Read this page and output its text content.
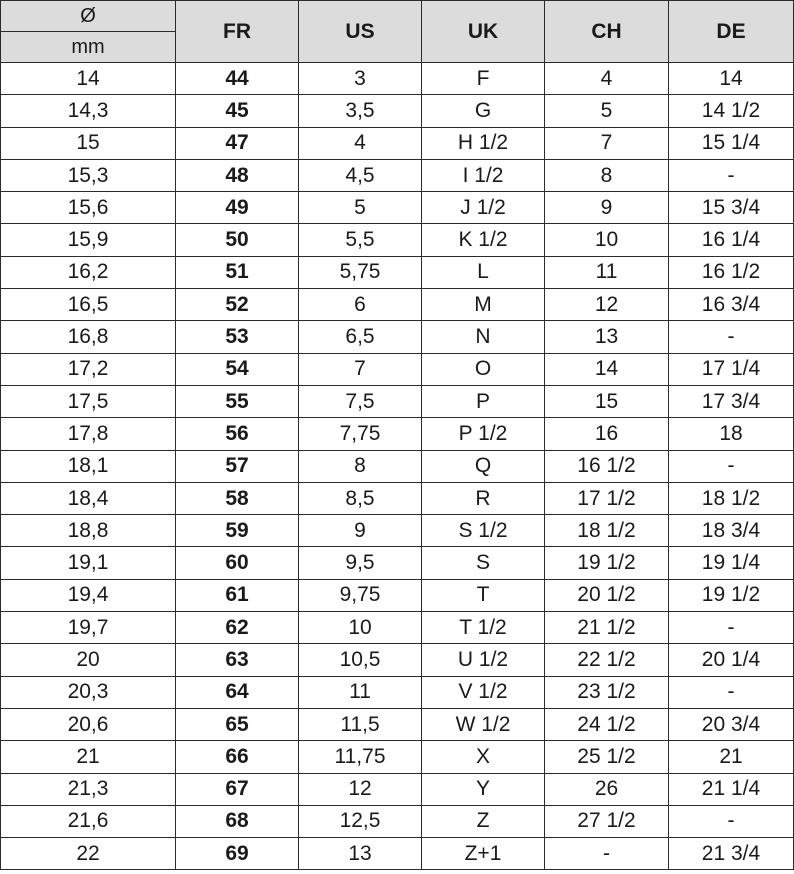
Ø	FR	US	UK	CH	DE
mm					
14	44	3	F	4	14
14,3	45	3,5	G	5	14 1/2
15	47	4	H 1/2	7	15 1/4
15,3	48	4,5	I 1/2	8	-
15,6	49	5	J 1/2	9	15 3/4
15,9	50	5,5	K 1/2	10	16 1/4
16,2	51	5,75	L	11	16 1/2
16,5	52	6	M	12	16 3/4
16,8	53	6,5	N	13	-
17,2	54	7	O	14	17 1/4
17,5	55	7,5	P	15	17 3/4
17,8	56	7,75	P 1/2	16	18
18,1	57	8	Q	16 1/2	-
18,4	58	8,5	R	17 1/2	18 1/2
18,8	59	9	S 1/2	18 1/2	18 3/4
19,1	60	9,5	S	19 1/2	19 1/4
19,4	61	9,75	T	20 1/2	19 1/2
19,7	62	10	T 1/2	21 1/2	-
20	63	10,5	U 1/2	22 1/2	20 1/4
20,3	64	11	V 1/2	23 1/2	-
20,6	65	11,5	W 1/2	24 1/2	20 3/4
21	66	11,75	X	25 1/2	21
21,3	67	12	Y	26	21 1/4
21,6	68	12,5	Z	27 1/2	-
22	69	13	Z+1	-	21 3/4
